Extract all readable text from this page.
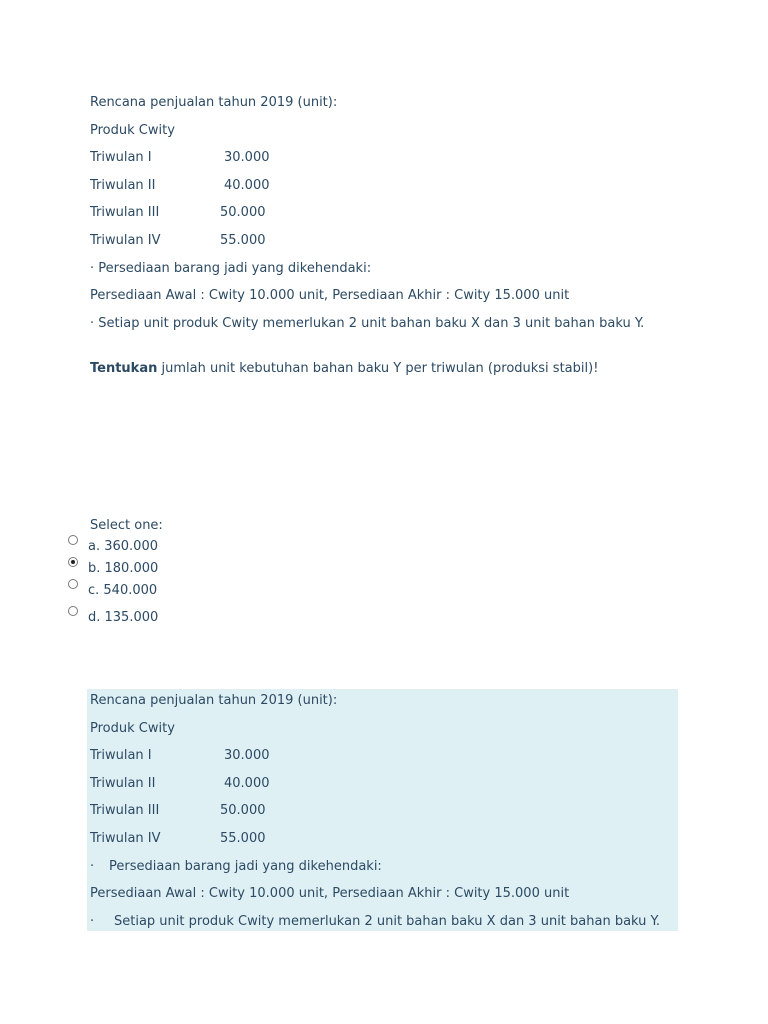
Rencana penjualan tahun 2019 (unit):
Produk Cwity
Triwulan I	30.000
Triwulan II	40.000
Triwulan III	50.000
Triwulan IV	55.000
· Persediaan barang jadi yang dikehendaki:
Persediaan Awal : Cwity 10.000 unit, Persediaan Akhir : Cwity 15.000 unit
· Setiap unit produk Cwity memerlukan 2 unit bahan baku X dan 3 unit bahan baku Y.
Tentukan jumlah unit kebutuhan bahan baku Y per triwulan (produksi stabil)!
Select one:
a. 360.000
b. 180.000
c. 540.000
d. 135.000
Rencana penjualan tahun 2019 (unit):
Produk Cwity
Triwulan I	30.000
Triwulan II	40.000
Triwulan III	50.000
Triwulan IV	55.000
· Persediaan barang jadi yang dikehendaki:
Persediaan Awal : Cwity 10.000 unit, Persediaan Akhir : Cwity 15.000 unit
· Setiap unit produk Cwity memerlukan 2 unit bahan baku X dan 3 unit bahan baku Y.
